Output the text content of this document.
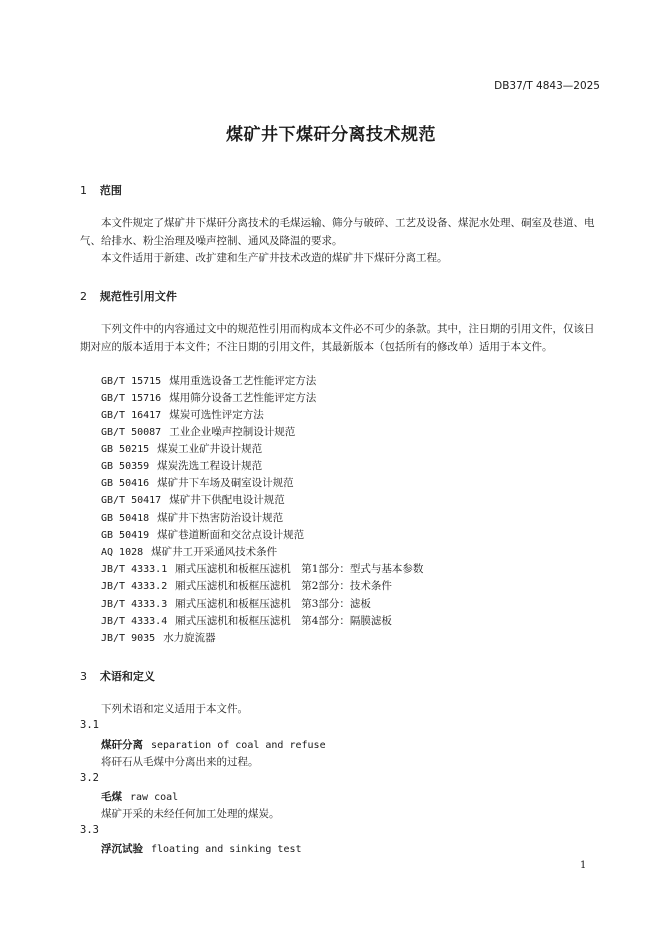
DB37/T 4843—2025
煤矿井下煤矸分离技术规范
1 范围
本文件规定了煤矿井下煤矸分离技术的毛煤运输、筛分与破碎、工艺及设备、煤泥水处理、硐室及巷道、电气、给排水、粉尘治理及噪声控制、通风及降温的要求。
本文件适用于新建、改扩建和生产矿井技术改造的煤矿井下煤矸分离工程。
2 规范性引用文件
下列文件中的内容通过文中的规范性引用而构成本文件必不可少的条款。其中，注日期的引用文件，仅该日期对应的版本适用于本文件；不注日期的引用文件，其最新版本（包括所有的修改单）适用于本文件。
GB/T 15715 煤用重选设备工艺性能评定方法
GB/T 15716 煤用筛分设备工艺性能评定方法
GB/T 16417 煤炭可选性评定方法
GB/T 50087 工业企业噪声控制设计规范
GB 50215 煤炭工业矿井设计规范
GB 50359 煤炭洗选工程设计规范
GB 50416 煤矿井下车场及硐室设计规范
GB/T 50417 煤矿井下供配电设计规范
GB 50418 煤矿井下热害防治设计规范
GB 50419 煤矿巷道断面和交岔点设计规范
AQ 1028 煤矿井工开采通风技术条件
JB/T 4333.1 厢式压滤机和板框压滤机　第1部分：型式与基本参数
JB/T 4333.2 厢式压滤机和板框压滤机　第2部分：技术条件
JB/T 4333.3 厢式压滤机和板框压滤机　第3部分：滤板
JB/T 4333.4 厢式压滤机和板框压滤机　第4部分：隔膜滤板
JB/T 9035 水力旋流器
3 术语和定义
下列术语和定义适用于本文件。
3.1
煤矸分离 separation of coal and refuse
将矸石从毛煤中分离出来的过程。
3.2
毛煤 raw coal
煤矿开采的未经任何加工处理的煤炭。
3.3
浮沉试验 floating and sinking test
1
